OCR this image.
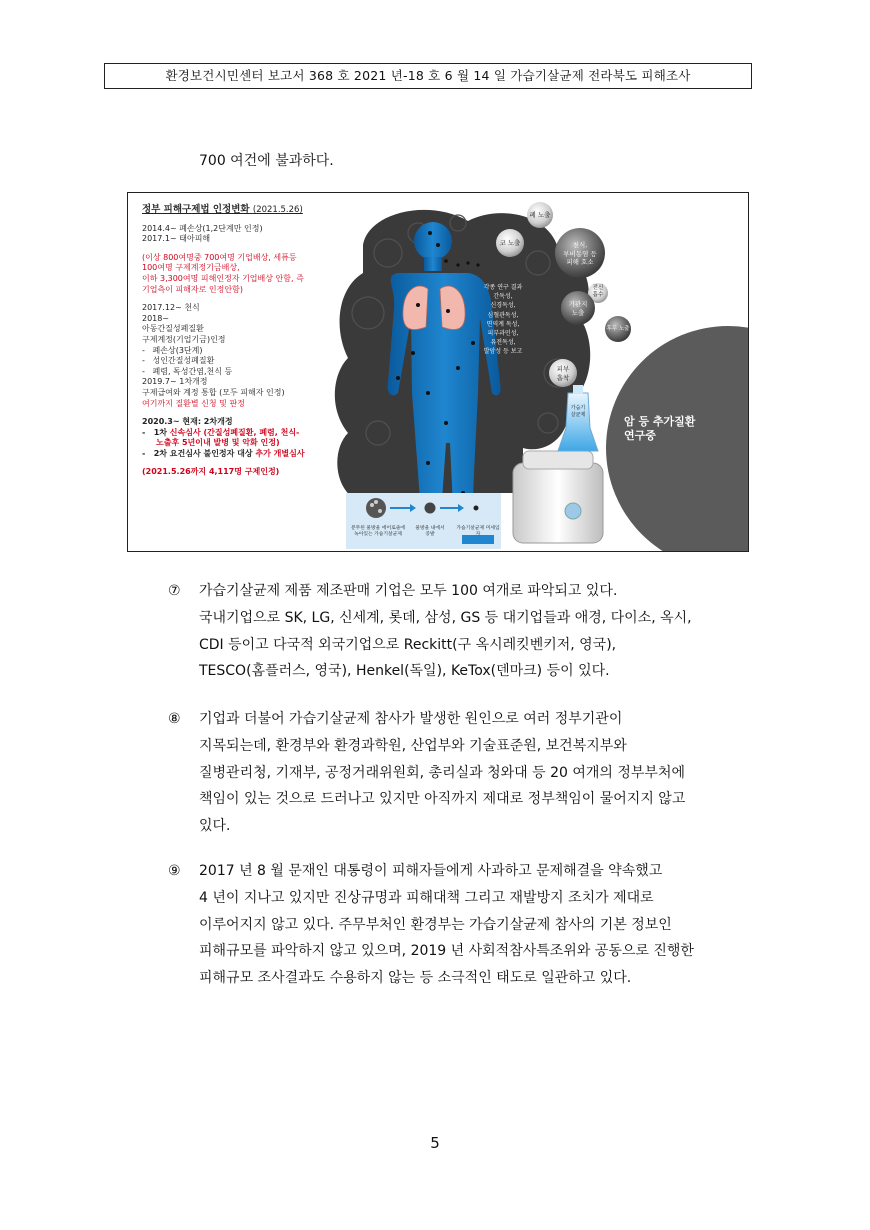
환경보건시민센터 보고서 368 호 2021 년-18 호 6 월 14 일 가습기살균제 전라북도 피해조사
700 여건에 불과하다.
정부 피해구제법 인정변화 (2021.5.26)
2014.4~ 폐손상(1,2단계만 인정)
2017.1~ 태아피해
(이상 800여명중 700여명 기업배상, 세퓨등
100여명 구제계정기금배상,
이하 3,300여명 피해인정자 기업배상 안함, 즉
기업측이 피해자로 인정안함)
2017.12~ 천식
2018~
아동간질성폐질환
구제계정(기업기금)인정
-   폐손상(3단계)
-   성인간질성폐질환
-   폐렴, 독성간염,천식 등
2019.7~ 1차개정
구제급여와 계정 통합 (모두 피해자 인정)
여기까지 질환별 신청 및 판정
2020.3~ 현재: 2차개정
-   1차 신속심사 (간질성폐질환, 폐렴, 천식-
노출후 5년이내 발병 및 악화 인정)
-   2차 요건심사 불인정자 대상 추가 개별심사
(2021.5.26까지 4,117명 구제인정)
폐 노출
코 노출	천식,
부비동염 등
피해 호소
전신
흡수
기관지
노출
후두 노출
피부
흡착
각종 연구 결과
간독성,
신경독성,
심혈관독성,
면역계 독성,
피부과민성,
유전독성,
발암성 등 보고
가습기
살균제
암 등 추가질환
연구중
분무된 물방울 에어로졸에
녹아있는 가습기살균제
물방울 내에서
증발
가습기살균제 미세입자
⑦ 가습기살균제 제품 제조판매 기업은 모두 100 여개로 파악되고 있다.
국내기업으로 SK, LG, 신세계, 롯데, 삼성, GS 등 대기업들과 애경, 다이소, 옥시,
CDI 등이고 다국적 외국기업으로 Reckitt(구 옥시레킷벤키저, 영국),
TESCO(홈플러스, 영국), Henkel(독일), KeTox(덴마크) 등이 있다.
⑧ 기업과 더불어 가습기살균제 참사가 발생한 원인으로 여러 정부기관이
지목되는데, 환경부와 환경과학원, 산업부와 기술표준원, 보건복지부와
질병관리청, 기재부, 공정거래위원회, 총리실과 청와대 등 20 여개의 정부부처에
책임이 있는 것으로 드러나고 있지만 아직까지 제대로 정부책임이 물어지지 않고
있다.
⑨ 2017 년 8 월 문재인 대통령이 피해자들에게 사과하고 문제해결을 약속했고
4 년이 지나고 있지만 진상규명과 피해대책 그리고 재발방지 조치가 제대로
이루어지지 않고 있다. 주무부처인 환경부는 가습기살균제 참사의 기본 정보인
피해규모를 파악하지 않고 있으며, 2019 년 사회적참사특조위와 공동으로 진행한
피해규모 조사결과도 수용하지 않는 등 소극적인 태도로 일관하고 있다.
5
